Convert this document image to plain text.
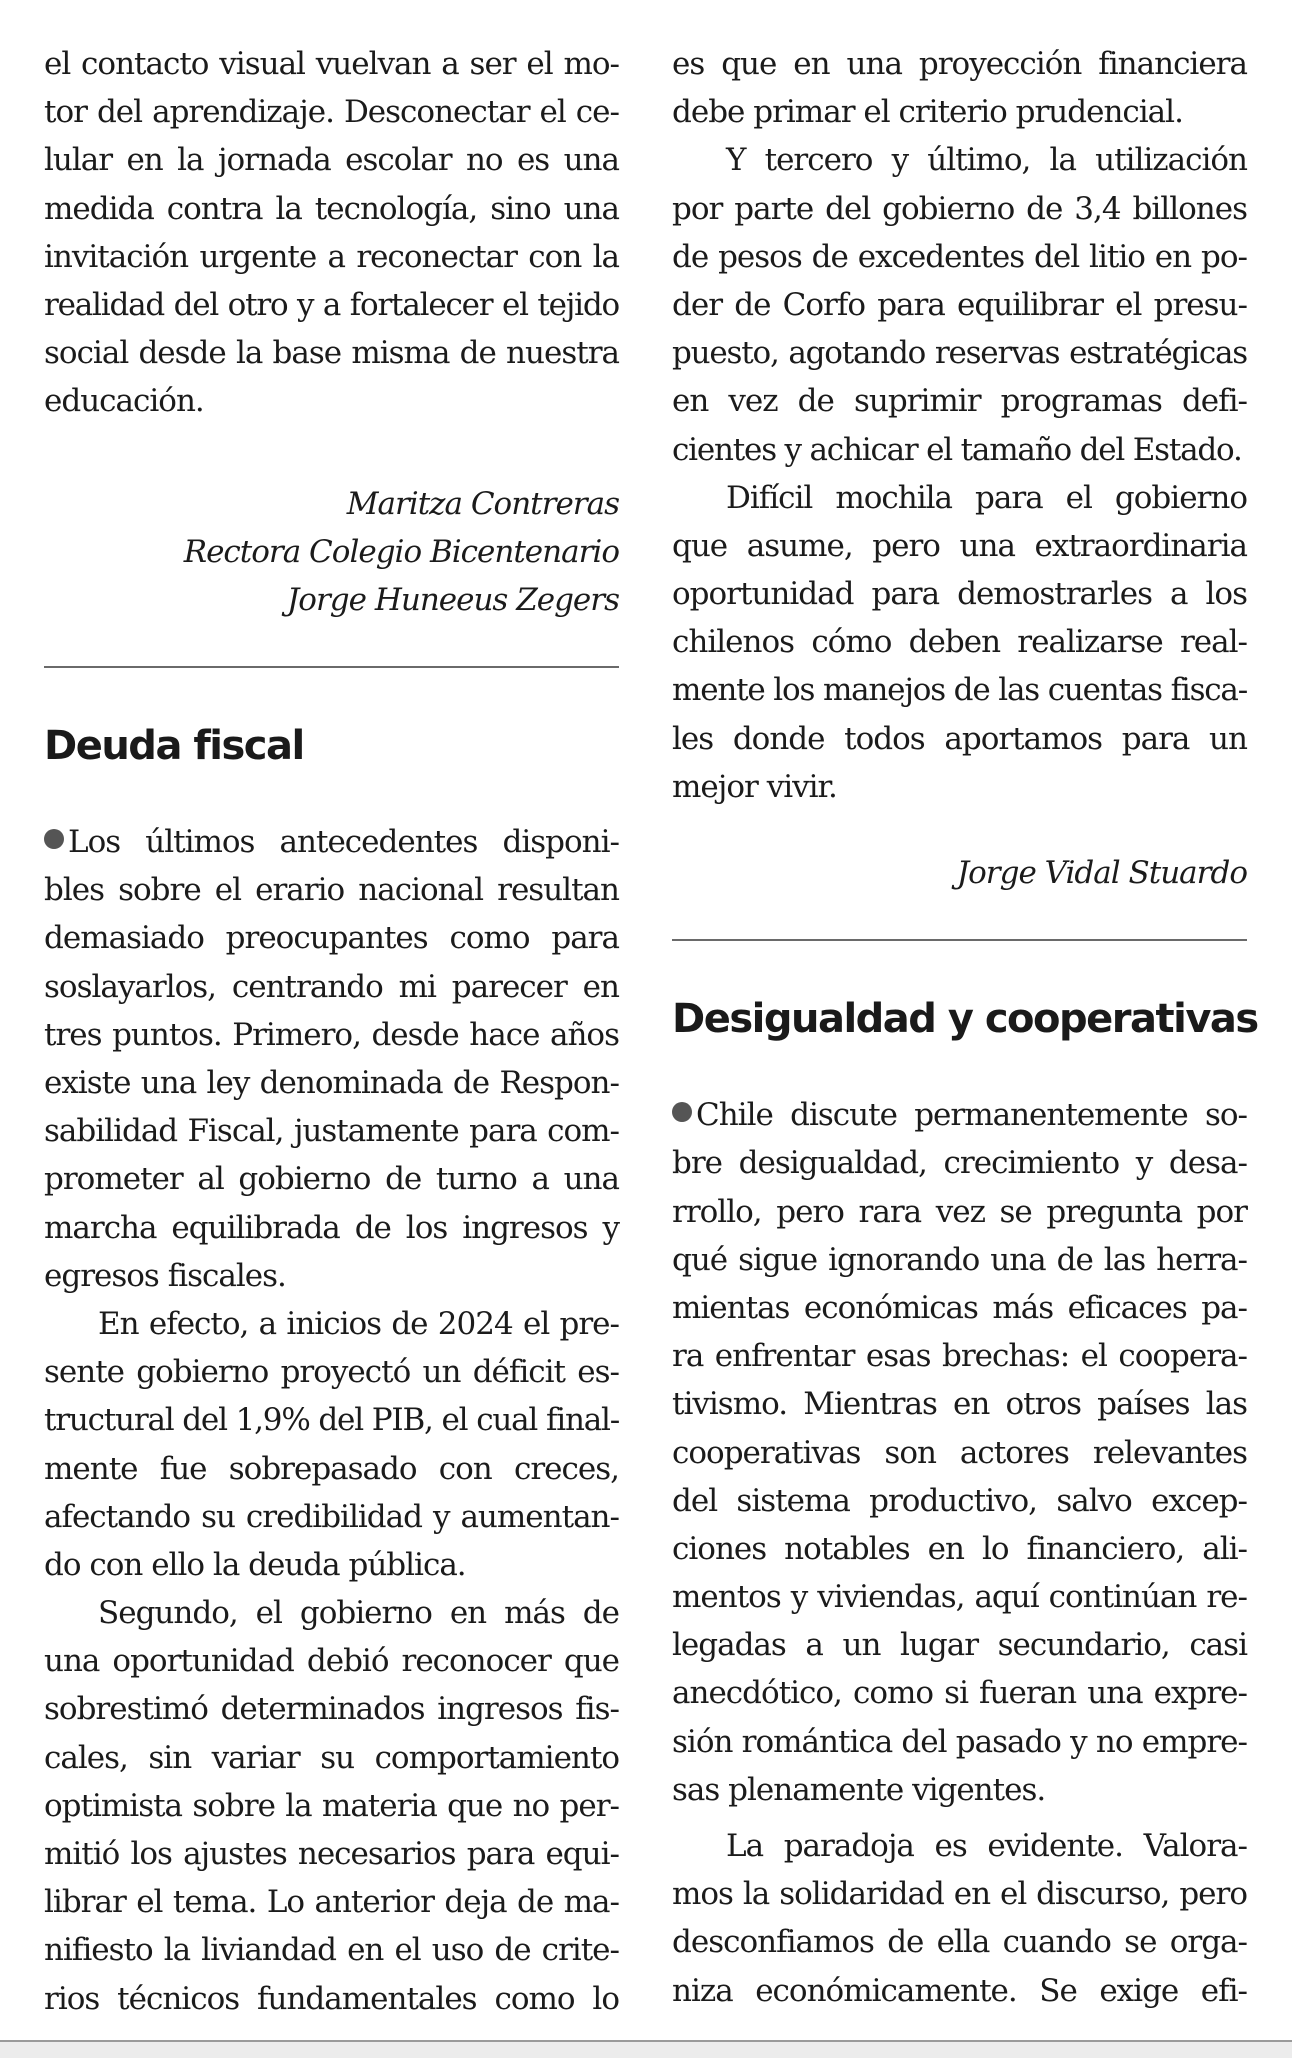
el contacto visual vuelvan a ser el mo-
tor del aprendizaje. Desconectar el ce-
lular en la jornada escolar no es una
medida contra la tecnología, sino una
invitación urgente a reconectar con la
realidad del otro y a fortalecer el tejido
social desde la base misma de nuestra
educación.
Maritza Contreras
Rectora Colegio Bicentenario
Jorge Huneeus Zegers
Deuda fiscal
Los últimos antecedentes disponi-
bles sobre el erario nacional resultan
demasiado preocupantes como para
soslayarlos, centrando mi parecer en
tres puntos. Primero, desde hace años
existe una ley denominada de Respon-
sabilidad Fiscal, justamente para com-
prometer al gobierno de turno a una
marcha equilibrada de los ingresos y
egresos fiscales.
En efecto, a inicios de 2024 el pre-
sente gobierno proyectó un déficit es-
tructural del 1,9% del PIB, el cual final-
mente fue sobrepasado con creces,
afectando su credibilidad y aumentan-
do con ello la deuda pública.
Segundo, el gobierno en más de
una oportunidad debió reconocer que
sobrestimó determinados ingresos fis-
cales, sin variar su comportamiento
optimista sobre la materia que no per-
mitió los ajustes necesarios para equi-
librar el tema. Lo anterior deja de ma-
nifiesto la liviandad en el uso de crite-
rios técnicos fundamentales como lo
es que en una proyección financiera
debe primar el criterio prudencial.
Y tercero y último, la utilización
por parte del gobierno de 3,4 billones
de pesos de excedentes del litio en po-
der de Corfo para equilibrar el presu-
puesto, agotando reservas estratégicas
en vez de suprimir programas defi-
cientes y achicar el tamaño del Estado.
Difícil mochila para el gobierno
que asume, pero una extraordinaria
oportunidad para demostrarles a los
chilenos cómo deben realizarse real-
mente los manejos de las cuentas fisca-
les donde todos aportamos para un
mejor vivir.
Jorge Vidal Stuardo
Desigualdad y cooperativas
Chile discute permanentemente so-
bre desigualdad, crecimiento y desa-
rrollo, pero rara vez se pregunta por
qué sigue ignorando una de las herra-
mientas económicas más eficaces pa-
ra enfrentar esas brechas: el coopera-
tivismo. Mientras en otros países las
cooperativas son actores relevantes
del sistema productivo, salvo excep-
ciones notables en lo financiero, ali-
mentos y viviendas, aquí continúan re-
legadas a un lugar secundario, casi
anecdótico, como si fueran una expre-
sión romántica del pasado y no empre-
sas plenamente vigentes.
La paradoja es evidente. Valora-
mos la solidaridad en el discurso, pero
desconfiamos de ella cuando se orga-
niza económicamente. Se exige efi-
